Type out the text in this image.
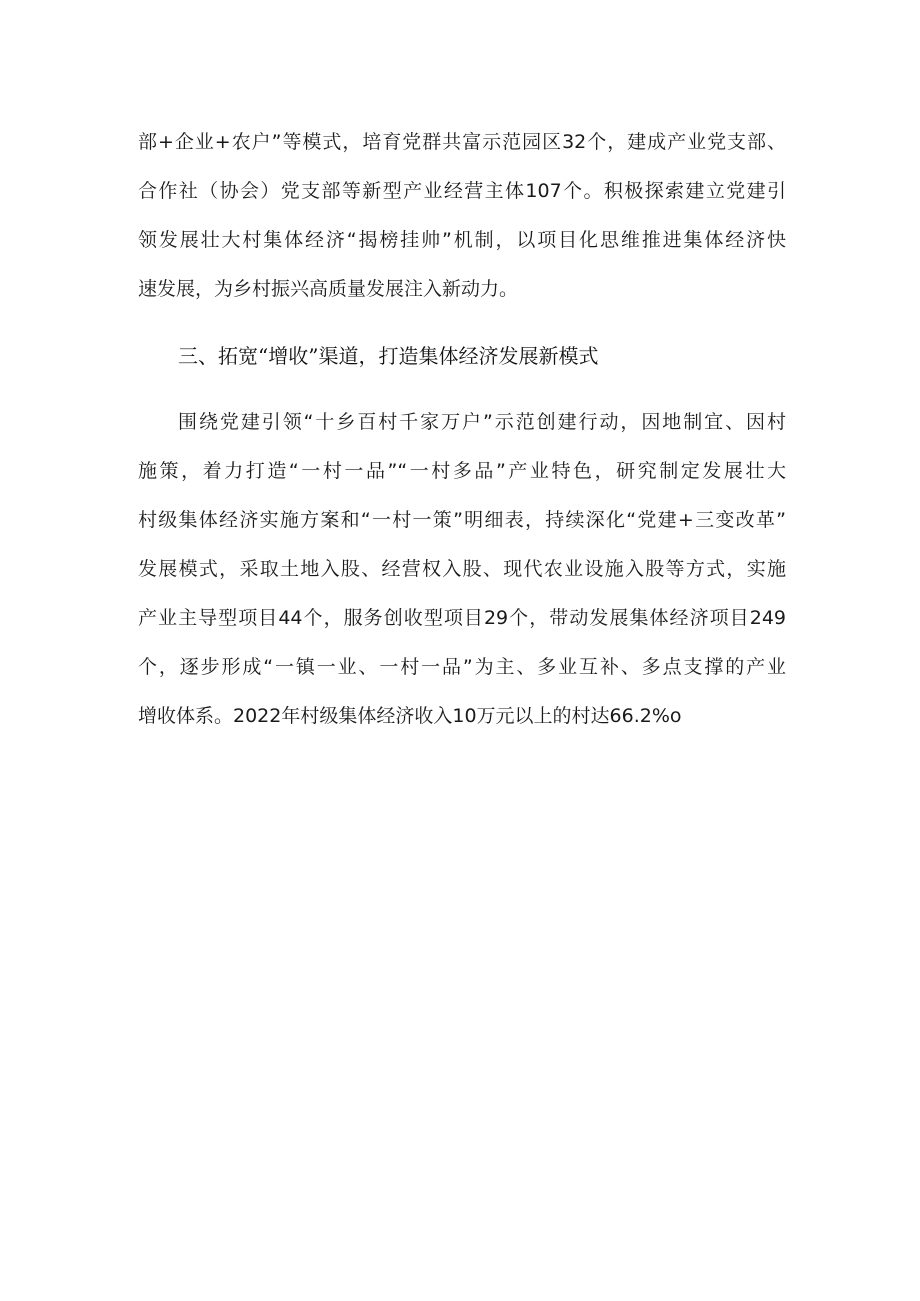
部+企业+农户”等模式，培育党群共富示范园区32个，建成产业党支部、
合作社（协会）党支部等新型产业经营主体107个。积极探索建立党建引
领发展壮大村集体经济“揭榜挂帅”机制，以项目化思维推进集体经济快
速发展，为乡村振兴高质量发展注入新动力。
三、拓宽“增收”渠道，打造集体经济发展新模式
围绕党建引领“十乡百村千家万户”示范创建行动，因地制宜、因村
施策，着力打造“一村一品”“一村多品”产业特色，研究制定发展壮大
村级集体经济实施方案和“一村一策”明细表，持续深化“党建+三变改革”
发展模式，采取土地入股、经营权入股、现代农业设施入股等方式，实施
产业主导型项目44个，服务创收型项目29个，带动发展集体经济项目249
个，逐步形成“一镇一业、一村一品”为主、多业互补、多点支撑的产业
增收体系。2022年村级集体经济收入10万元以上的村达66.2%o
